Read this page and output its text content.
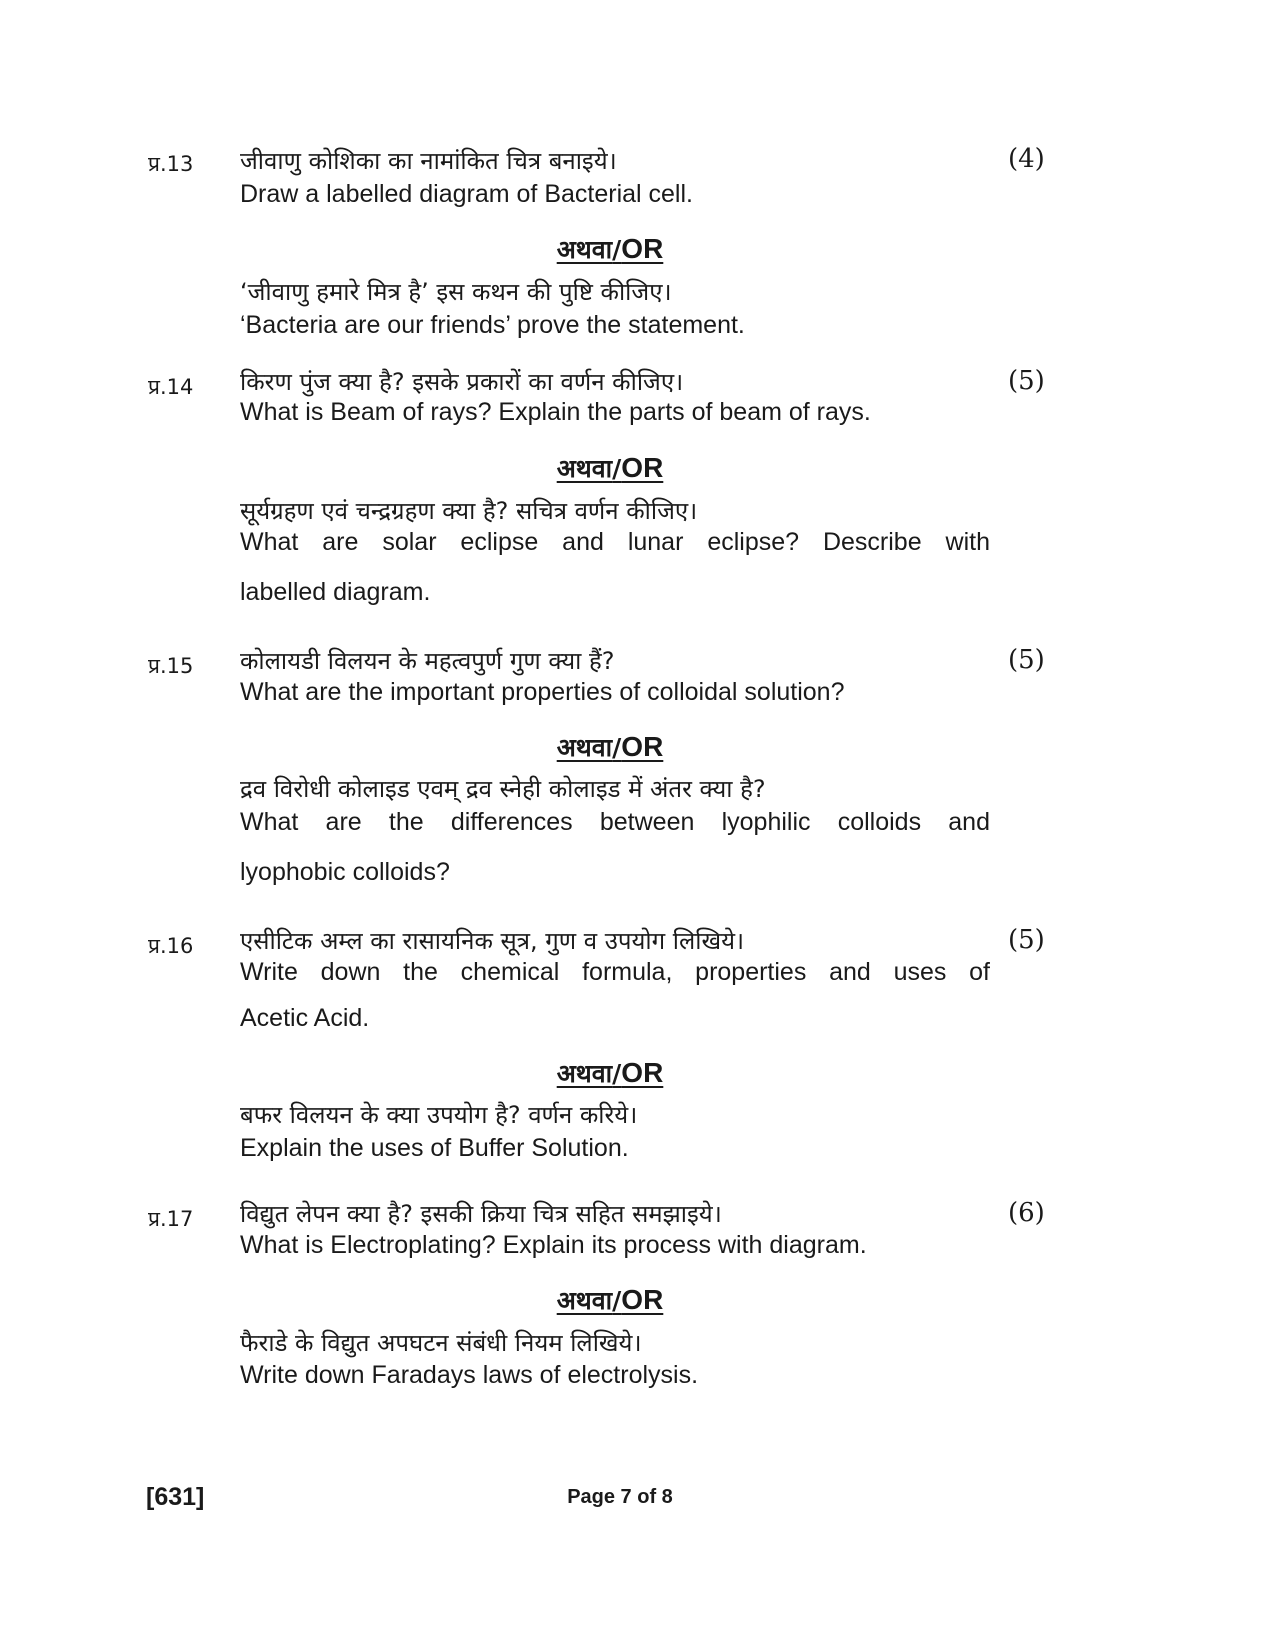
प्र.13	(4)
जीवाणु कोशिका का नामांकित चित्र बनाइये।
Draw a labelled diagram of Bacterial cell.
अथवा/OR
‘जीवाणु हमारे मित्र है’ इस कथन की पुष्टि कीजिए।
‘Bacteria are our friends’ prove the statement.
प्र.14	(5)
किरण पुंज क्या है? इसके प्रकारों का वर्णन कीजिए।
What is Beam of rays? Explain the parts of beam of rays.
अथवा/OR
सूर्यग्रहण एवं चन्द्रग्रहण क्या है? सचित्र वर्णन कीजिए।
What are solar eclipse and lunar eclipse? Describe with
labelled diagram.
प्र.15	(5)
कोलायडी विलयन के महत्वपुर्ण गुण क्या हैं?
What are the important properties of colloidal solution?
अथवा/OR
द्रव विरोधी कोलाइड एवम् द्रव स्नेही कोलाइड में अंतर क्या है?
What are the differences between lyophilic colloids and
lyophobic colloids?
प्र.16	(5)
एसीटिक अम्ल का रासायनिक सूत्र, गुण व उपयोग लिखिये।
Write down the chemical formula, properties and uses of
Acetic Acid.
अथवा/OR
बफर विलयन के क्या उपयोग है? वर्णन करिये।
Explain the uses of Buffer Solution.
प्र.17	(6)
विद्युत लेपन क्या है? इसकी क्रिया चित्र सहित समझाइये।
What is Electroplating? Explain its process with diagram.
अथवा/OR
फैराडे के विद्युत अपघटन संबंधी नियम लिखिये।
Write down Faradays laws of electrolysis.
[631]	Page 7 of 8
